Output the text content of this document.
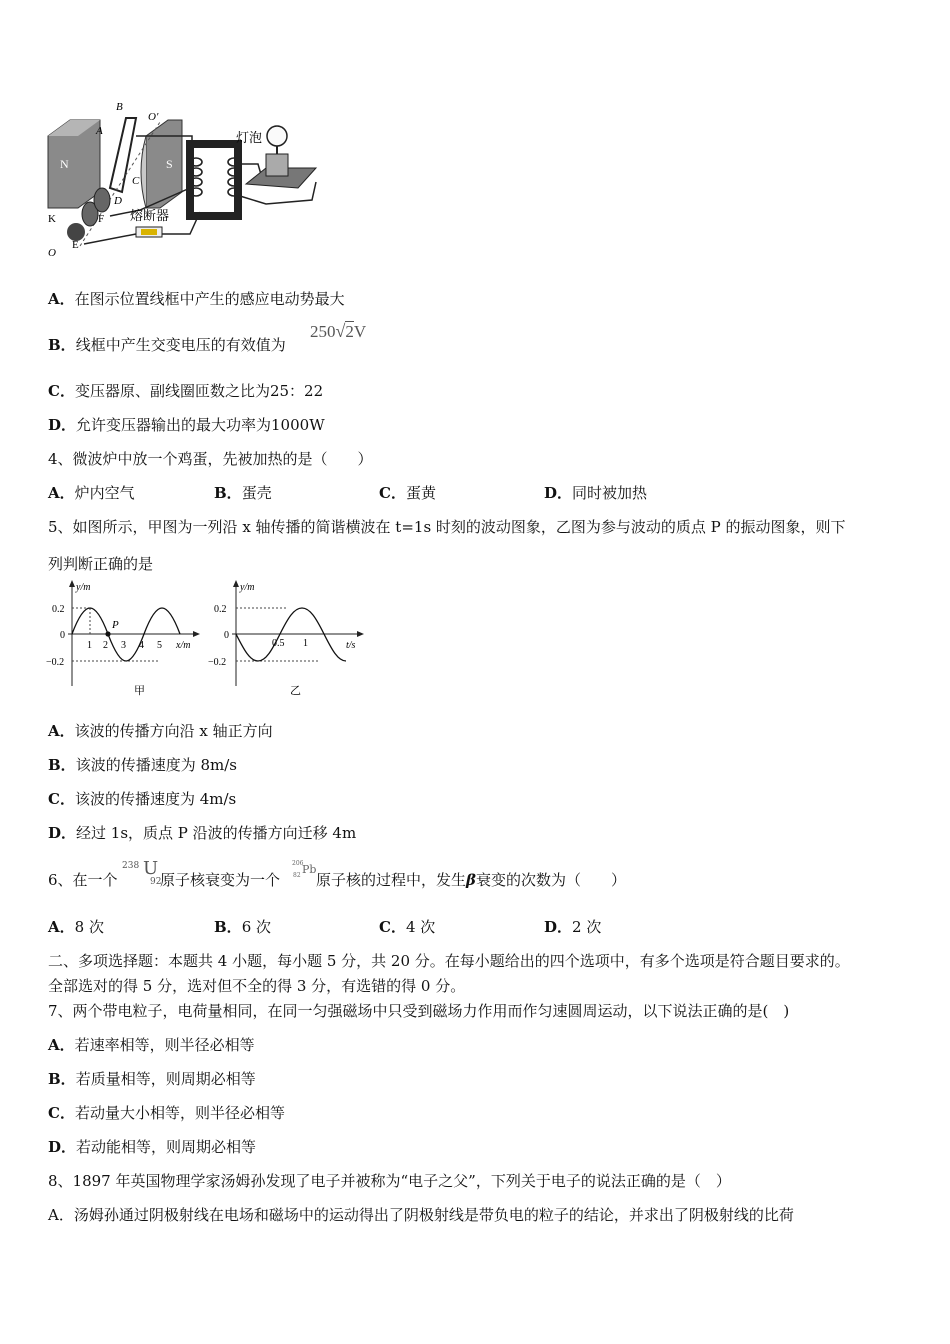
N	S
B
A
O′
C
D
K	F
E
O
熔断器
灯泡
A．在图示位置线框中产生的感应电动势最大
B．线框中产生交变电压的有效值为
250√2V
C．变压器原、副线圈匝数之比为25：22
D．允许变压器输出的最大功率为1000W
4、微波炉中放一个鸡蛋，先被加热的是（　　）
A．炉内空气	B．蛋壳	C．蛋黄	D．同时被加热
5、如图所示，甲图为一列沿 x 轴传播的简谐横波在 t=1s 时刻的波动图象，乙图为参与波动的质点 P 的振动图象，则下
列判断正确的是
y/m
x/m
0.2
0
−0.2
P
1 2 3 4 5
甲
y/m
t/s
0.2
0
−0.2
0.5 1
乙
A．该波的传播方向沿 x 轴正方向
B．该波的传播速度为 8m/s
C．该波的传播速度为 4m/s
D．经过 1s，质点 P 沿波的传播方向迁移 4m
6、在一个
238 $_{92}$
U
原子核衰变为一个
206
82 Pb
原子核的过程中，发生β衰变的次数为（　　）
A．8 次	B．6 次	C．4 次	D．2 次
二、多项选择题：本题共 4 小题，每小题 5 分，共 20 分。在每小题给出的四个选项中，有多个选项是符合题目要求的。
全部选对的得 5 分，选对但不全的得 3 分，有选错的得 0 分。
7、两个带电粒子，电荷量相同，在同一匀强磁场中只受到磁场力作用而作匀速圆周运动，以下说法正确的是(　)
A．若速率相等，则半径必相等
B．若质量相等，则周期必相等
C．若动量大小相等，则半径必相等
D．若动能相等，则周期必相等
8、1897 年英国物理学家汤姆孙发现了电子并被称为“电子之父”，下列关于电子的说法正确的是（　）
A．汤姆孙通过阴极射线在电场和磁场中的运动得出了阴极射线是带负电的粒子的结论，并求出了阴极射线的比荷
